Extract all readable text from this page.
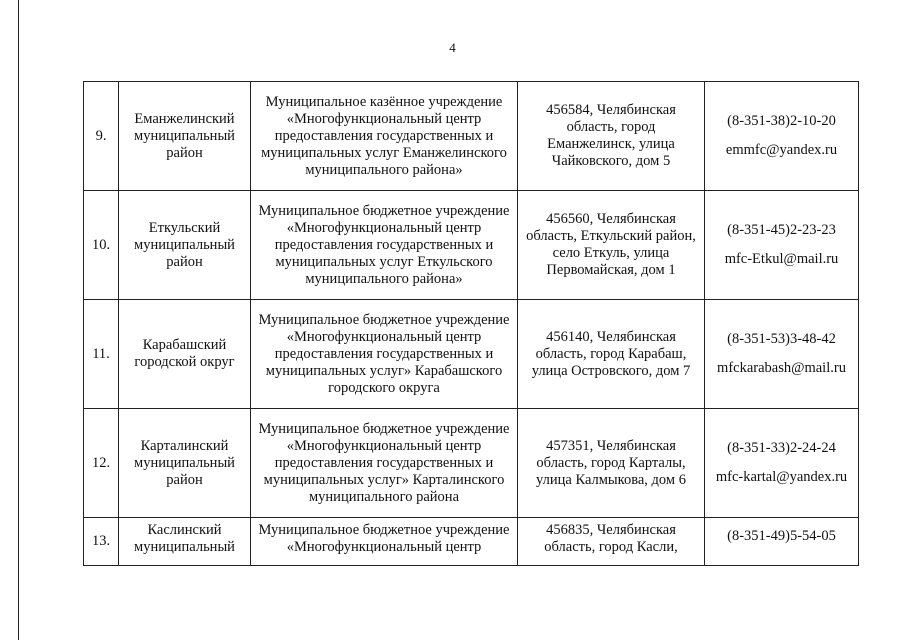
4
9.	Еманжелинский муниципальный район	Муниципальное казённое учреждение «Многофункциональный центр предоставления государственных и муниципальных услуг Еманжелинского муниципального района»	456584, Челябинская область, город Еманжелинск, улица Чайковского, дом 5	(8-351-38)2-10-20
emmfc@yandex.ru

10.	Еткульский муниципальный район	Муниципальное бюджетное учреждение «Многофункциональный центр предоставления государственных и муниципальных услуг Еткульского муниципального района»	456560, Челябинская область, Еткульский район, село Еткуль, улица Первомайская, дом 1	(8-351-45)2-23-23
mfc-Etkul@mail.ru

11.	Карабашский городской округ	Муниципальное бюджетное учреждение «Многофункциональный центр предоставления государственных и муниципальных услуг» Карабашского городского округа	456140, Челябинская область, город Карабаш, улица Островского, дом 7	(8-351-53)3-48-42
mfckarabash@mail.ru

12.	Карталинский муниципальный район	Муниципальное бюджетное учреждение «Многофункциональный центр предоставления государственных и муниципальных услуг» Карталинского муниципального района	457351, Челябинская область, город Карталы, улица Калмыкова, дом 6	(8-351-33)2-24-24
mfc-kartal@yandex.ru

13.	Каслинский муниципальный	Муниципальное бюджетное учреждение «Многофункциональный центр	456835, Челябинская область, город Касли,	(8-351-49)5-54-05
